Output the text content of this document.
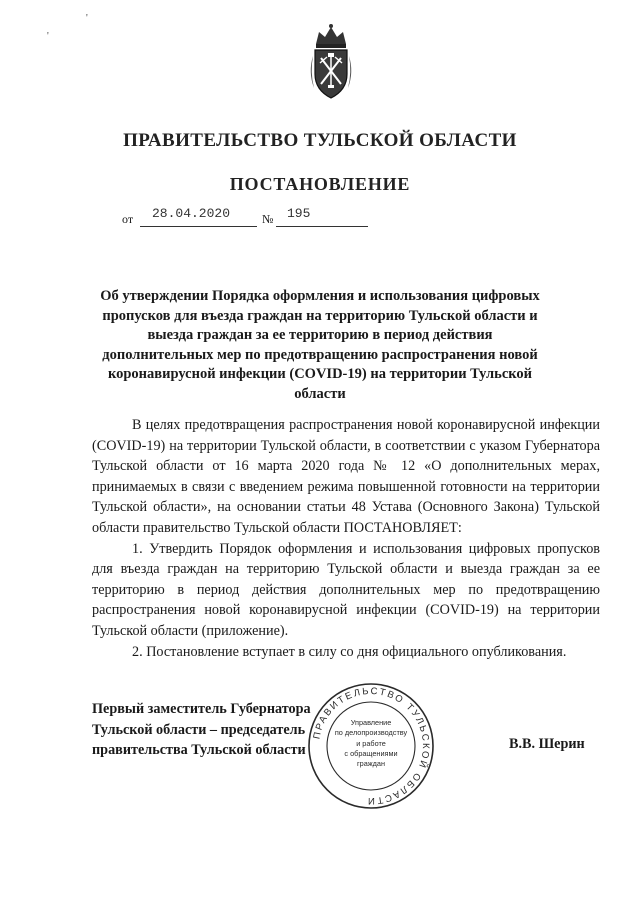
'
'
ПРАВИТЕЛЬСТВО ТУЛЬСКОЙ ОБЛАСТИ
ПОСТАНОВЛЕНИЕ
от 28.04.2020	№ 195
Об утверждении Порядка оформления и использования цифровых пропусков для въезда граждан на территорию Тульской области и выезда граждан за ее территорию в период действия дополнительных мер по предотвращению распространения новой коронавирусной инфекции (COVID-19) на территории Тульской области

В целях предотвращения распространения новой коронавирусной инфекции (COVID-19) на территории Тульской области, в соответствии с указом Губернатора Тульской области от 16 марта 2020 года № 12 «О дополнительных мерах, принимаемых в связи с введением режима повышенной готовности на территории Тульской области», на основании статьи 48 Устава (Основного Закона) Тульской области правительство Тульской области ПОСТАНОВЛЯЕТ:

1. Утвердить Порядок оформления и использования цифровых пропусков для въезда граждан на территорию Тульской области и выезда граждан за ее территорию в период действия дополнительных мер по предотвращению распространения новой коронавирусной инфекции (COVID-19) на территории Тульской области (приложение).

2. Постановление вступает в силу со дня официального опубликования.

ПРАВИТЕЛЬСТВО ТУЛЬСКОЙ ОБЛАСТИ
Управление
по делопроизводству
и работе
с обращениями
граждан
Первый заместитель Губернатора
Тульской области – председатель
правительства Тульской области	В.В. Шерин
